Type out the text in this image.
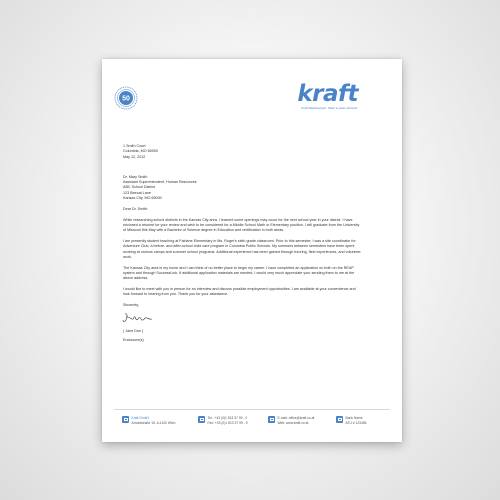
50	kraft
Kraft Mietlösungen. Stark in jeder Hinsicht.

1 Smith Court

Columbia, MO 65000

May 12, 2012

Dr. Mary Smith

Assistant Superintendent, Human Resources

ABC School District

123 Beecat Lane

Kansas City, MO 65000

Dear Dr. Smith:

While researching school districts in the Kansas City area, I learned some openings may occur for the next school year in your district. I have enclosed a résumé for your review and wish to be considered for a Middle School Math or Elementary position. I will graduate from the University of Missouri this May with a Bachelor of Science degree in Education and certification in both areas.

I am presently student teaching at Fairlane Elementary in Ms. Roger's sixth grade classroom. Prior to this semester, I was a site coordinator for Adventure Club, a before- and after-school child care program in Columbia Public Schools. My summers between semesters have been spent working at various camps and summer school programs. Additional experience has been gained through tutoring, field experiences, and volunteer work.

The Kansas City area is my home and I can think of no better place to begin my career. I have completed an application on both on the REAP system and through SuccessLink. If additional application materials are needed, I would very much appreciate your sending them to me at the above address.

I would like to meet with you in person for an interview and discuss possible employment opportunities. I am available at your convenience and look forward to hearing from you. Thank you for your assistance.

Sincerely,

( Jane Doe )

Enclosure(s)

Kraft GmbH
Arnoldstraße 15, A-1100 Wien
Tel.: +43 (0)1 813 37 99 - 0
Fax: +43 (0)1 813 37 99 - 9
E-mail: office@kraft.co.at
Web: www.kraft.co.at
Bank Name
ATU # 123456
